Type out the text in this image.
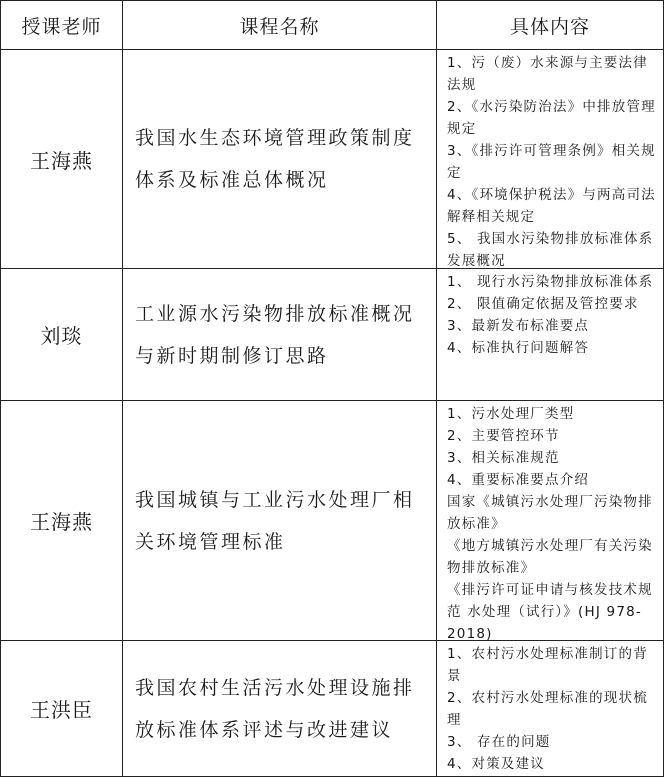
授课老师	课程名称	具体内容
王海燕
我国水生态环境管理政策制度体系及标准总体概况
1、污（废）水来源与主要法律法规
2、《水污染防治法》中排放管理规定
3、《排污许可管理条例》相关规定
4、《环境保护税法》与两高司法解释相关规定
5、 我国水污染物排放标准体系发展概况
刘琰
工业源水污染物排放标准概况与新时期制修订思路
1、 现行水污染物排放标准体系
2、 限值确定依据及管控要求
3、最新发布标准要点
4、标准执行问题解答
王海燕
我国城镇与工业污水处理厂相关环境管理标准
1、污水处理厂类型
2、主要管控环节
3、相关标准规范
4、重要标准要点介绍
国家《城镇污水处理厂污染物排放标准》
《地方城镇污水处理厂有关污染物排放标准》
《排污许可证申请与核发技术规范 水处理（试行）》(HJ 978-2018)
王洪臣
我国农村生活污水处理设施排放标准体系评述与改进建议
1、农村污水处理标准制订的背景
2、农村污水处理标准的现状梳理
3、 存在的问题
4、对策及建议
